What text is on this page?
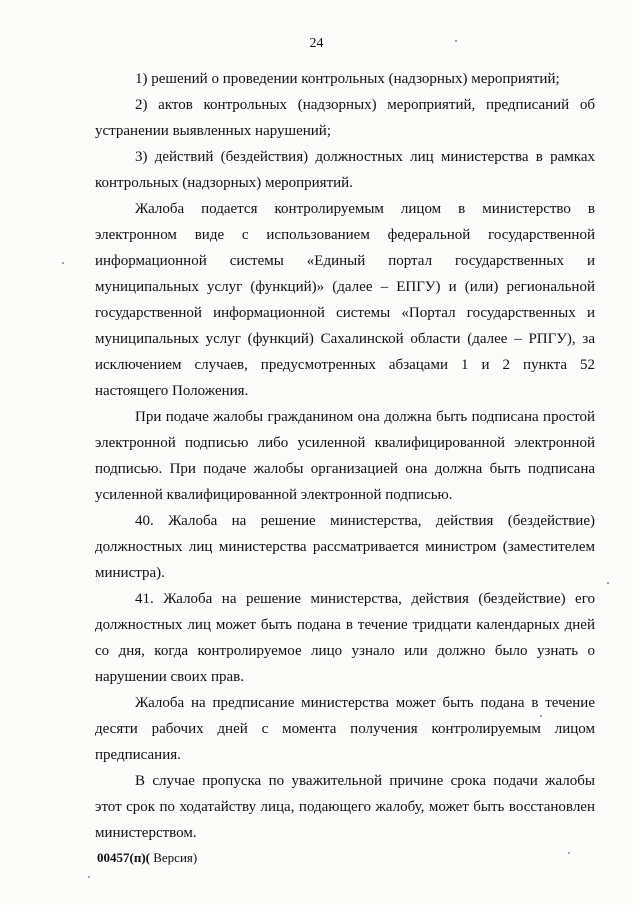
24

1) решений о проведении контрольных (надзорных) мероприятий;

2) актов контрольных (надзорных) мероприятий, предписаний об устранении выявленных нарушений;

3) действий (бездействия) должностных лиц министерства в рамках контрольных (надзорных) мероприятий.

Жалоба подается контролируемым лицом в министерство в электронном виде с использованием федеральной государственной информационной системы «Единый портал государственных и муниципальных услуг (функций)» (далее – ЕПГУ) и (или) региональной государственной информационной системы «Портал государственных и муниципальных услуг (функций) Сахалинской области (далее – РПГУ), за исключением случаев, предусмотренных абзацами 1 и 2 пункта 52 настоящего Положения.

При подаче жалобы гражданином она должна быть подписана простой электронной подписью либо усиленной квалифицированной электронной подписью. При подаче жалобы организацией она должна быть подписана усиленной квалифицированной электронной подписью.

40. Жалоба на решение министерства, действия (бездействие) должностных лиц министерства рассматривается министром (заместителем министра).

41. Жалоба на решение министерства, действия (бездействие) его должностных лиц может быть подана в течение тридцати календарных дней со дня, когда контролируемое лицо узнало или должно было узнать о нарушении своих прав.

Жалоба на предписание министерства может быть подана в течение десяти рабочих дней с момента получения контролируемым лицом предписания.

В случае пропуска по уважительной причине срока подачи жалобы этот срок по ходатайству лица, подающего жалобу, может быть восстановлен министерством.

00457(п)( Версия)
